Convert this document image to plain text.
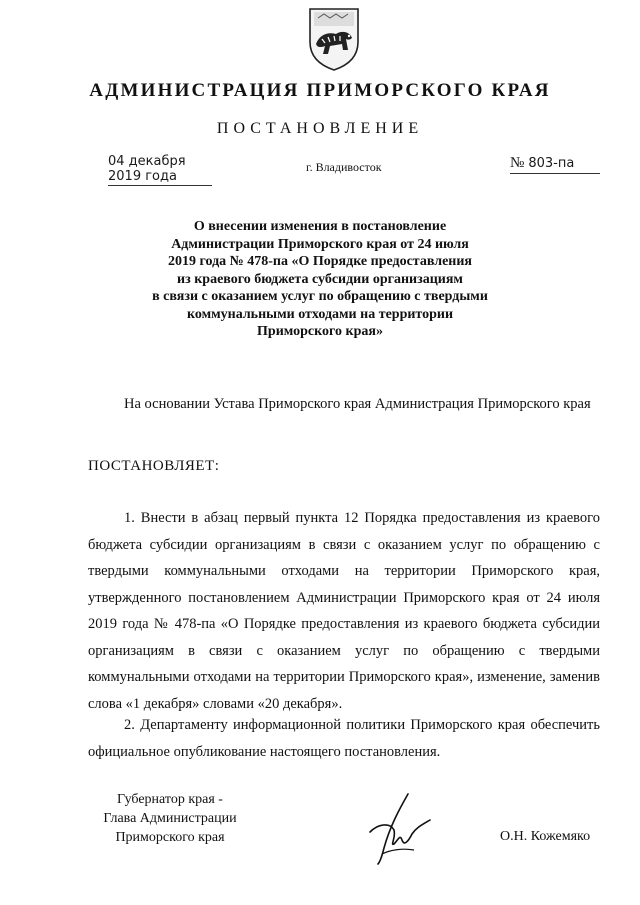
АДМИНИСТРАЦИЯ ПРИМОРСКОГО КРАЯ
ПОСТАНОВЛЕНИЕ
04 декабря 2019 года
г. Владивосток	№ 803-па
О внесении изменения в постановление
Администрации Приморского края от 24 июля
2019 года № 478-па «О Порядке предоставления
из краевого бюджета субсидии организациям
в связи с оказанием услуг по обращению с твердыми
коммунальными отходами на территории
Приморского края»
На основании Устава Приморского края Администрация Приморского края
ПОСТАНОВЛЯЕТ:
1. Внести в абзац первый пункта 12 Порядка предоставления из краевого бюджета субсидии организациям в связи с оказанием услуг по обращению с твердыми коммунальными отходами на территории Приморского края, утвержденного постановлением Администрации Приморского края от 24 июля 2019 года № 478-па «О Порядке предоставления из краевого бюджета субсидии организациям в связи с оказанием услуг по обращению с твердыми коммунальными отходами на территории Приморского края», изменение, заменив слова «1 декабря» словами «20 декабря».
2. Департаменту информационной политики Приморского края обеспечить официальное опубликование настоящего постановления.
Губернатор края -
Глава Администрации
Приморского края	О.Н. Кожемяко
